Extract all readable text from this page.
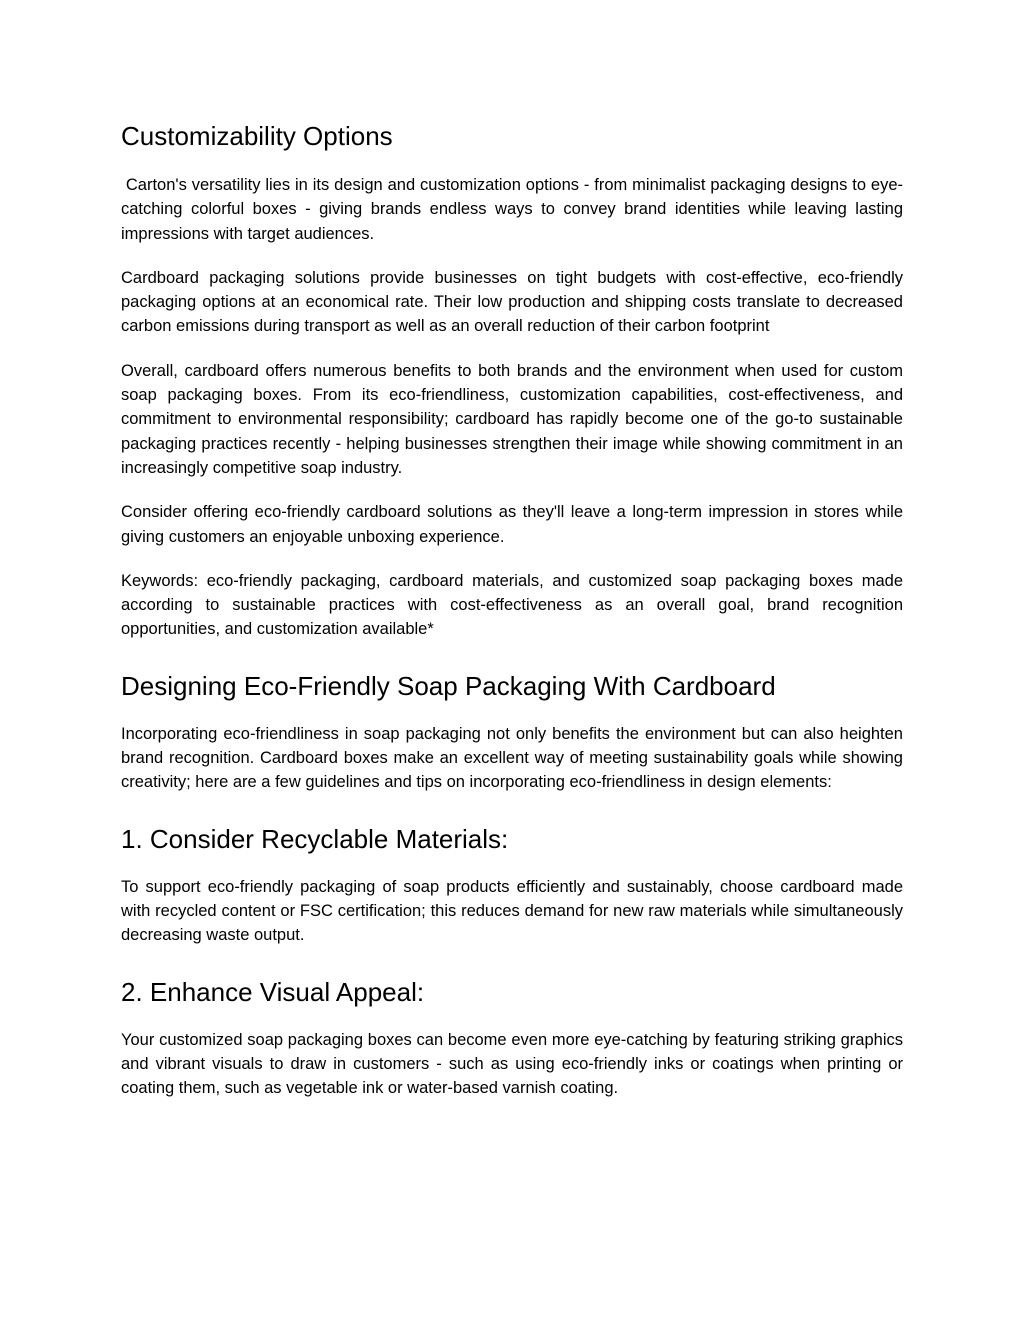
Customizability Options

Carton's versatility lies in its design and customization options - from minimalist packaging designs to eye-catching colorful boxes - giving brands endless ways to convey brand identities while leaving lasting impressions with target audiences.

Cardboard packaging solutions provide businesses on tight budgets with cost-effective, eco-friendly packaging options at an economical rate. Their low production and shipping costs translate to decreased carbon emissions during transport as well as an overall reduction of their carbon footprint

Overall, cardboard offers numerous benefits to both brands and the environment when used for custom soap packaging boxes. From its eco-friendliness, customization capabilities, cost-effectiveness, and commitment to environmental responsibility; cardboard has rapidly become one of the go-to sustainable packaging practices recently - helping businesses strengthen their image while showing commitment in an increasingly competitive soap industry.

Consider offering eco-friendly cardboard solutions as they'll leave a long-term impression in stores while giving customers an enjoyable unboxing experience.

Keywords: eco-friendly packaging, cardboard materials, and customized soap packaging boxes made according to sustainable practices with cost-effectiveness as an overall goal, brand recognition opportunities, and customization available*

Designing Eco-Friendly Soap Packaging With Cardboard

Incorporating eco-friendliness in soap packaging not only benefits the environment but can also heighten brand recognition. Cardboard boxes make an excellent way of meeting sustainability goals while showing creativity; here are a few guidelines and tips on incorporating eco-friendliness in design elements:

1. Consider Recyclable Materials:

To support eco-friendly packaging of soap products efficiently and sustainably, choose cardboard made with recycled content or FSC certification; this reduces demand for new raw materials while simultaneously decreasing waste output.

2. Enhance Visual Appeal:

Your customized soap packaging boxes can become even more eye-catching by featuring striking graphics and vibrant visuals to draw in customers - such as using eco-friendly inks or coatings when printing or coating them, such as vegetable ink or water-based varnish coating.
